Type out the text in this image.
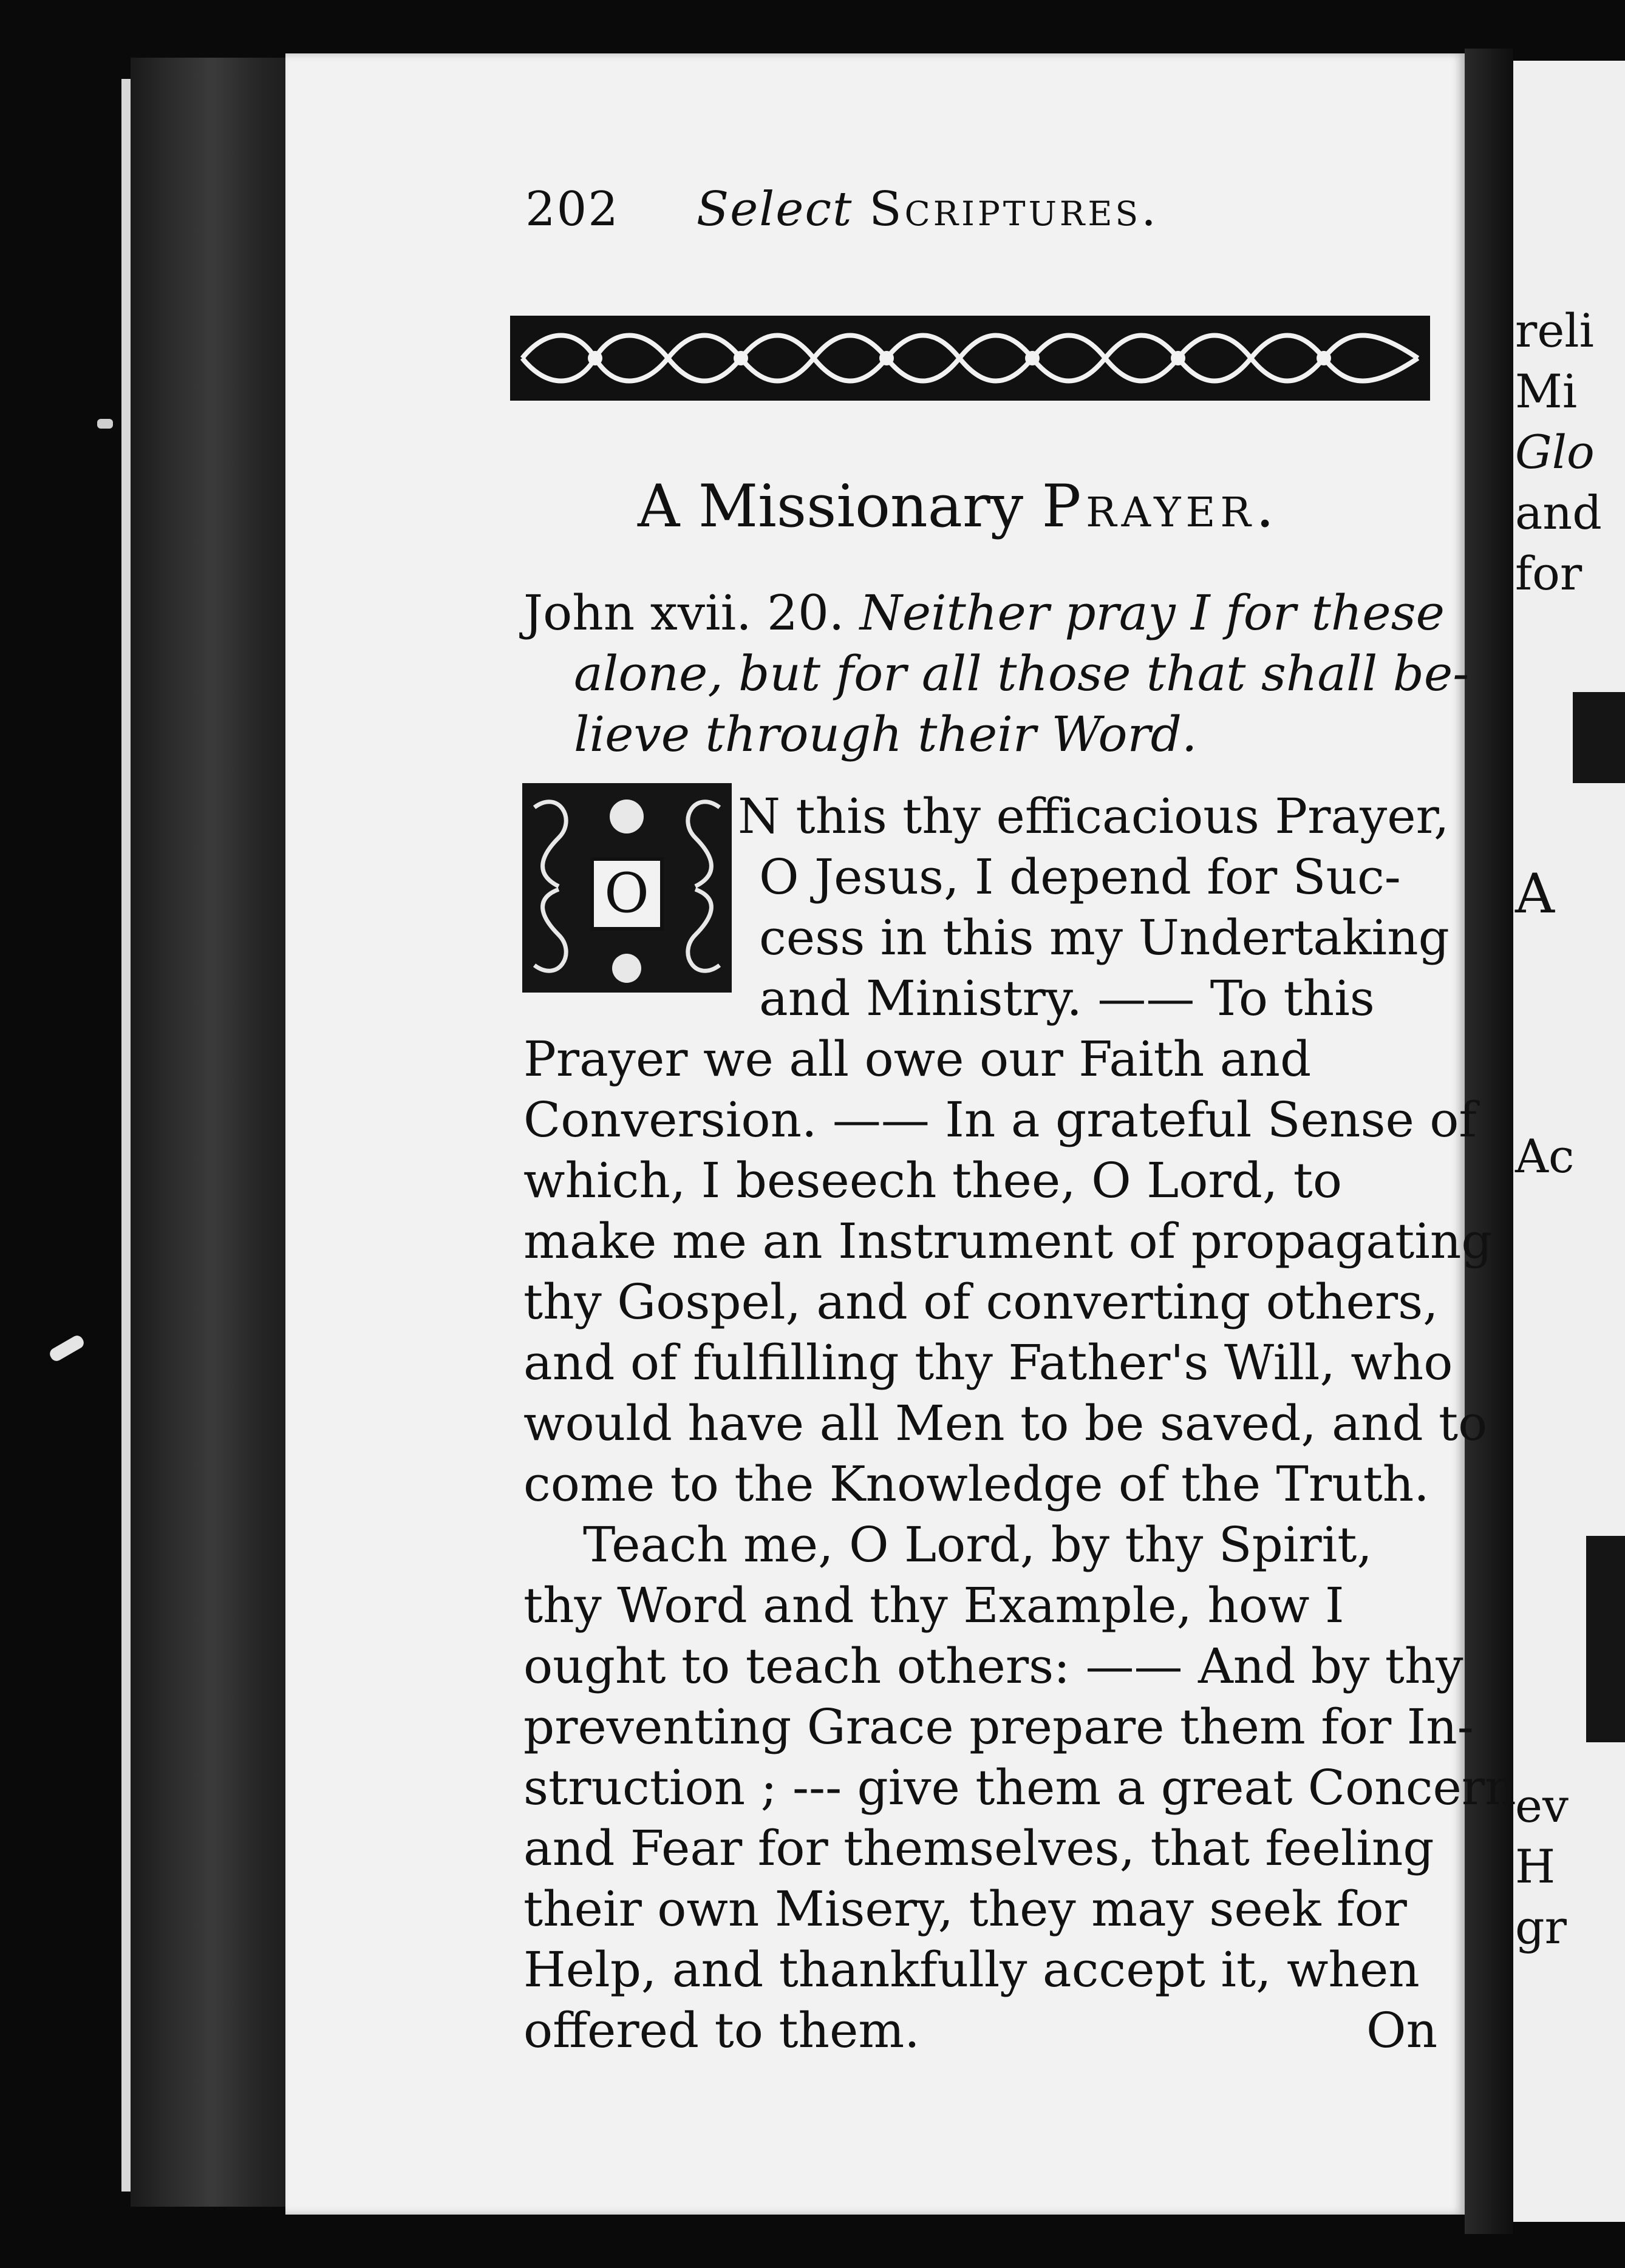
202 Select Scriptures.
A Missionary Prayer.
John xvii. 20. Neither pray I for these
alone, but for all those that shall be-
lieve through their Word.
O
N this thy efficacious Prayer,
O Jesus, I depend for Suc-
cess in this my Undertaking
and Ministry. —— To this
Prayer we all owe our Faith and
Conversion. —— In a grateful Sense of
which, I beseech thee, O Lord, to
make me an Instrument of propagating
thy Gospel, and of converting others,
and of fulfilling thy Father's Will, who
would have all Men to be saved, and to
come to the Knowledge of the Truth.
Teach me, O Lord, by thy Spirit,
thy Word and thy Example, how I
ought to teach others: —— And by thy
preventing Grace prepare them for In-
struction ; --- give them a great Concern
and Fear for themselves, that feeling
their own Misery, they may seek for
Help, and thankfully accept it, when
offered to them.	On
reli
Mi
Glo
and
for
A
Ac
ev
H
gr
